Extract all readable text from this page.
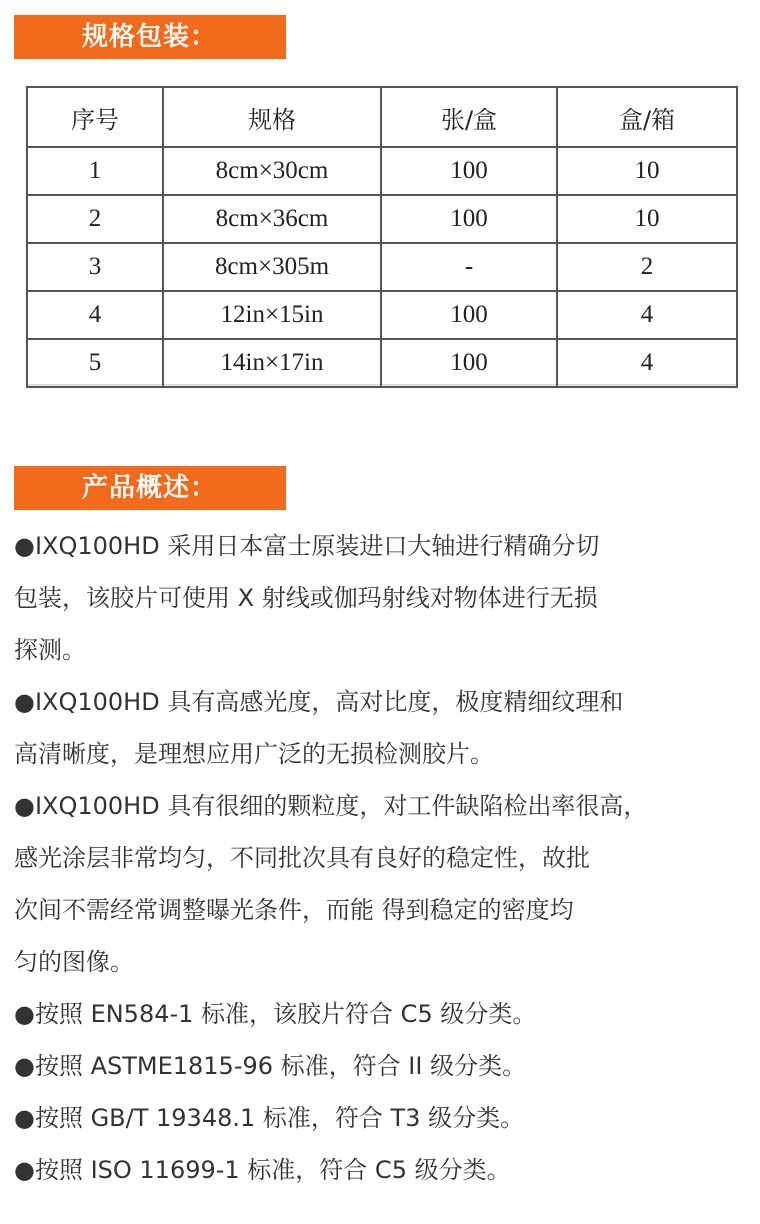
规格包装：
序号	规格	张/盒	盒/箱
1	8cm×30cm	100	10
2	8cm×36cm	100	10
3	8cm×305m	-	2
4	12in×15in	100	4
5	14in×17in	100	4
产品概述：

●IXQ100HD 采用日本富士原装进口大轴进行精确分切
包装，该胶片可使用 X 射线或伽玛射线对物体进行无损
探测。
●IXQ100HD 具有高感光度，高对比度，极度精细纹理和
高清晰度，是理想应用广泛的无损检测胶片。
●IXQ100HD 具有很细的颗粒度，对工件缺陷检出率很高，
感光涂层非常均匀，不同批次具有良好的稳定性，故批
次间不需经常调整曝光条件，而能 得到稳定的密度均
匀的图像。
●按照 EN584-1 标准，该胶片符合 C5 级分类。
●按照 ASTME1815-96 标准，符合 II 级分类。
●按照 GB/T 19348.1 标准，符合 T3 级分类。
●按照 ISO 11699-1 标准，符合 C5 级分类。
